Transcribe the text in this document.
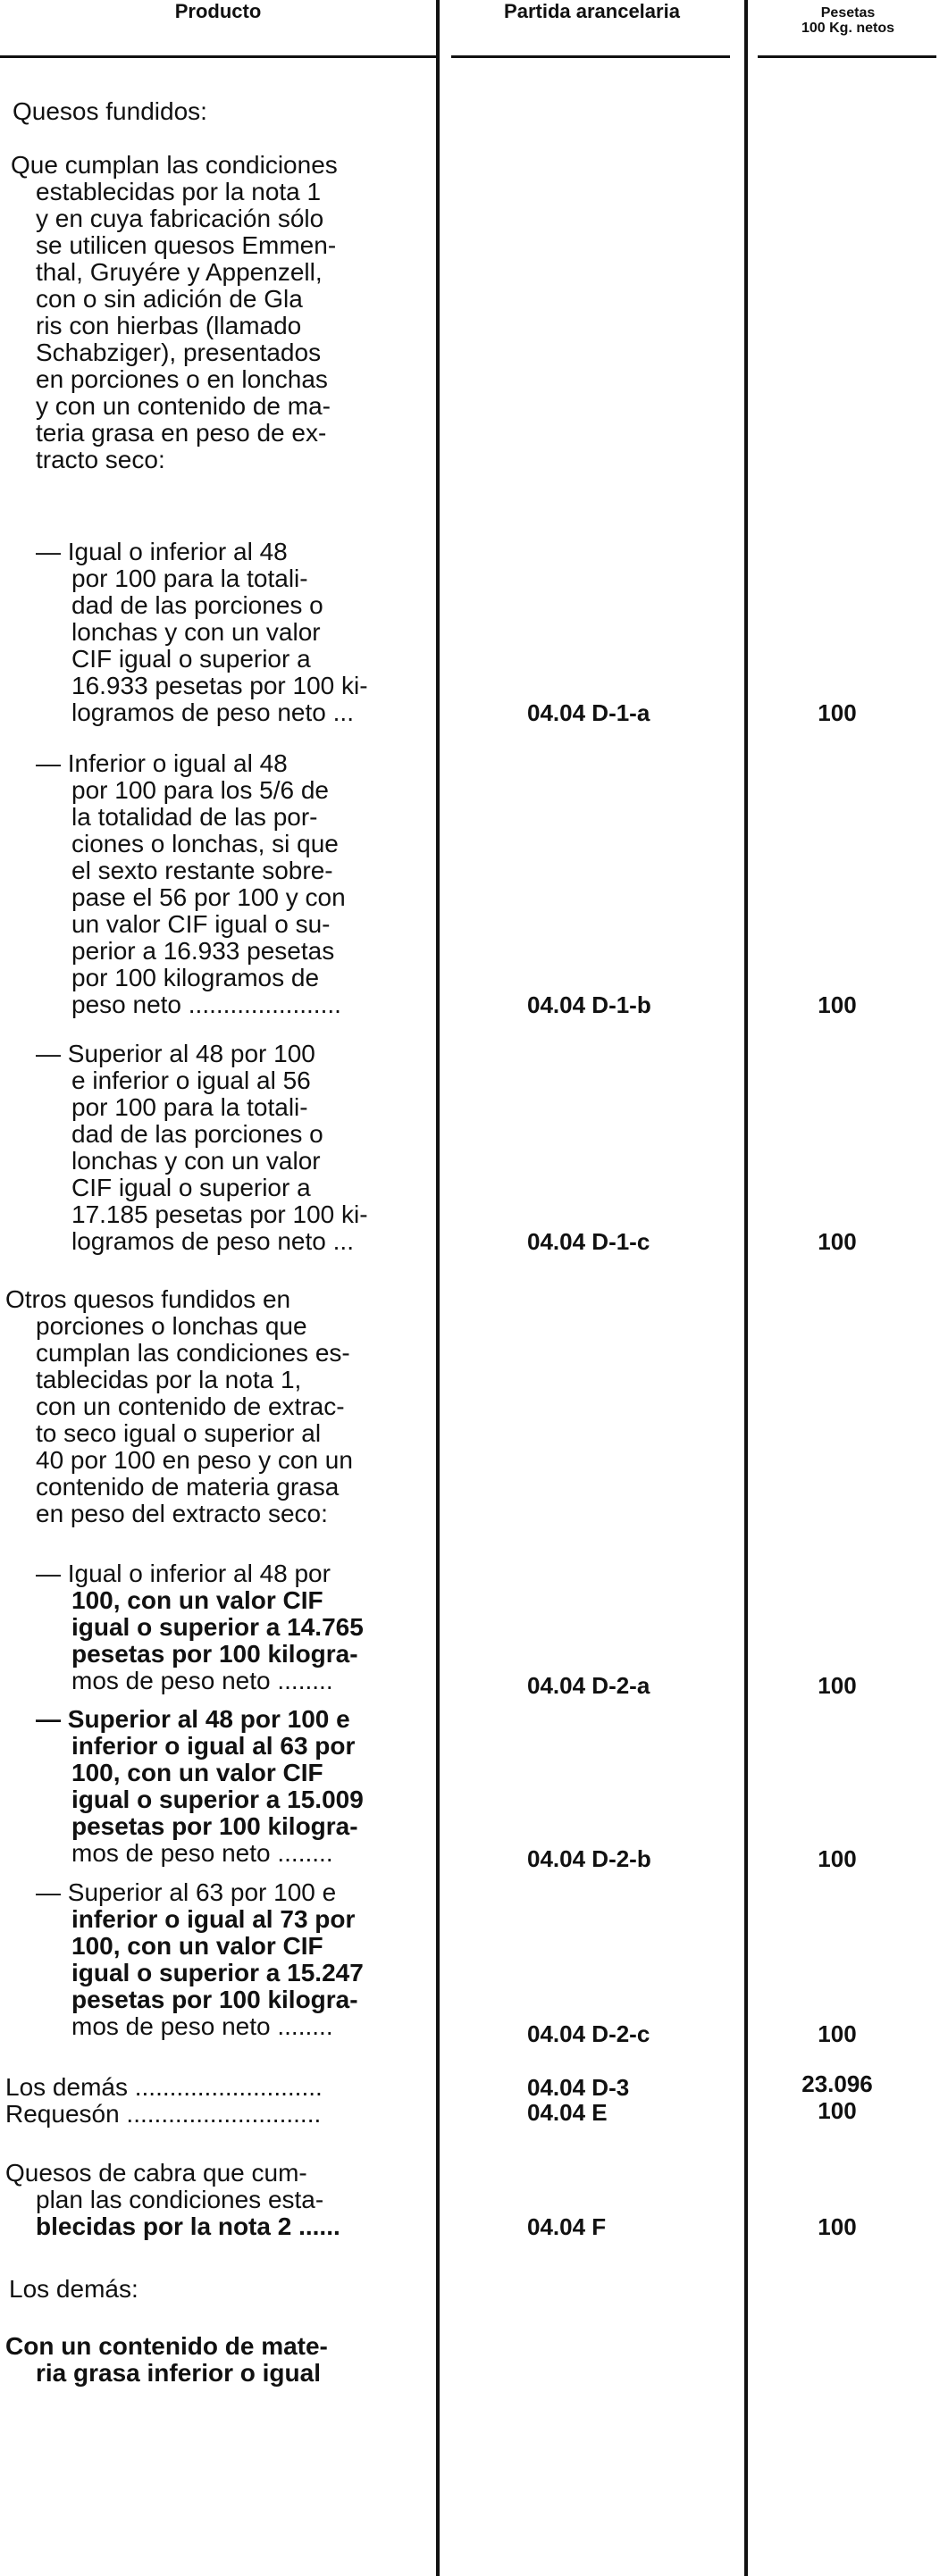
Producto	Partida arancelaria	Pesetas
100 Kg. netos
Quesos fundidos:
Que cumplan las condiciones
establecidas por la nota 1
y en cuya fabricación sólo
se utilicen quesos Emmen-
thal, Gruyére y Appenzell,
con o sin adición de Gla
ris con hierbas (llamado
Schabziger), presentados
en porciones o en lonchas
y con un contenido de ma-
teria grasa en peso de ex-
tracto seco:
— Igual o inferior al 48
por 100 para la totali-
dad de las porciones o
lonchas y con un valor
CIF igual o superior a
16.933 pesetas por 100 ki-
logramos de peso neto ...	04.04 D-1-a	100
— Inferior o igual al 48
por 100 para los 5/6 de
la totalidad de las por-
ciones o lonchas, si que
el sexto restante sobre-
pase el 56 por 100 y con
un valor CIF igual o su-
perior a 16.933 pesetas
por 100 kilogramos de
peso neto ......................	04.04 D-1-b	100
— Superior al 48 por 100
e inferior o igual al 56
por 100 para la totali-
dad de las porciones o
lonchas y con un valor
CIF igual o superior a
17.185 pesetas por 100 ki-
logramos de peso neto ...	04.04 D-1-c	100
Otros quesos fundidos en
porciones o lonchas que
cumplan las condiciones es-
tablecidas por la nota 1,
con un contenido de extrac-
to seco igual o superior al
40 por 100 en peso y con un
contenido de materia grasa
en peso del extracto seco:
— Igual o inferior al 48 por
100, con un valor CIF
igual o superior a 14.765
pesetas por 100 kilogra-
mos de peso neto ........	04.04 D-2-a	100
— Superior al 48 por 100 e
inferior o igual al 63 por
100, con un valor CIF
igual o superior a 15.009
pesetas por 100 kilogra-
mos de peso neto ........	04.04 D-2-b	100
— Superior al 63 por 100 e
inferior o igual al 73 por
100, con un valor CIF
igual o superior a 15.247
pesetas por 100 kilogra-
mos de peso neto ........	04.04 D-2-c	100
Los demás ...........................	04.04 D-3	23.096
Requesón ............................	04.04 E	100
Quesos de cabra que cum-
plan las condiciones esta-
blecidas por la nota 2 ......	04.04 F	100
Los demás:
Con un contenido de mate-
ria grasa inferior o igual
